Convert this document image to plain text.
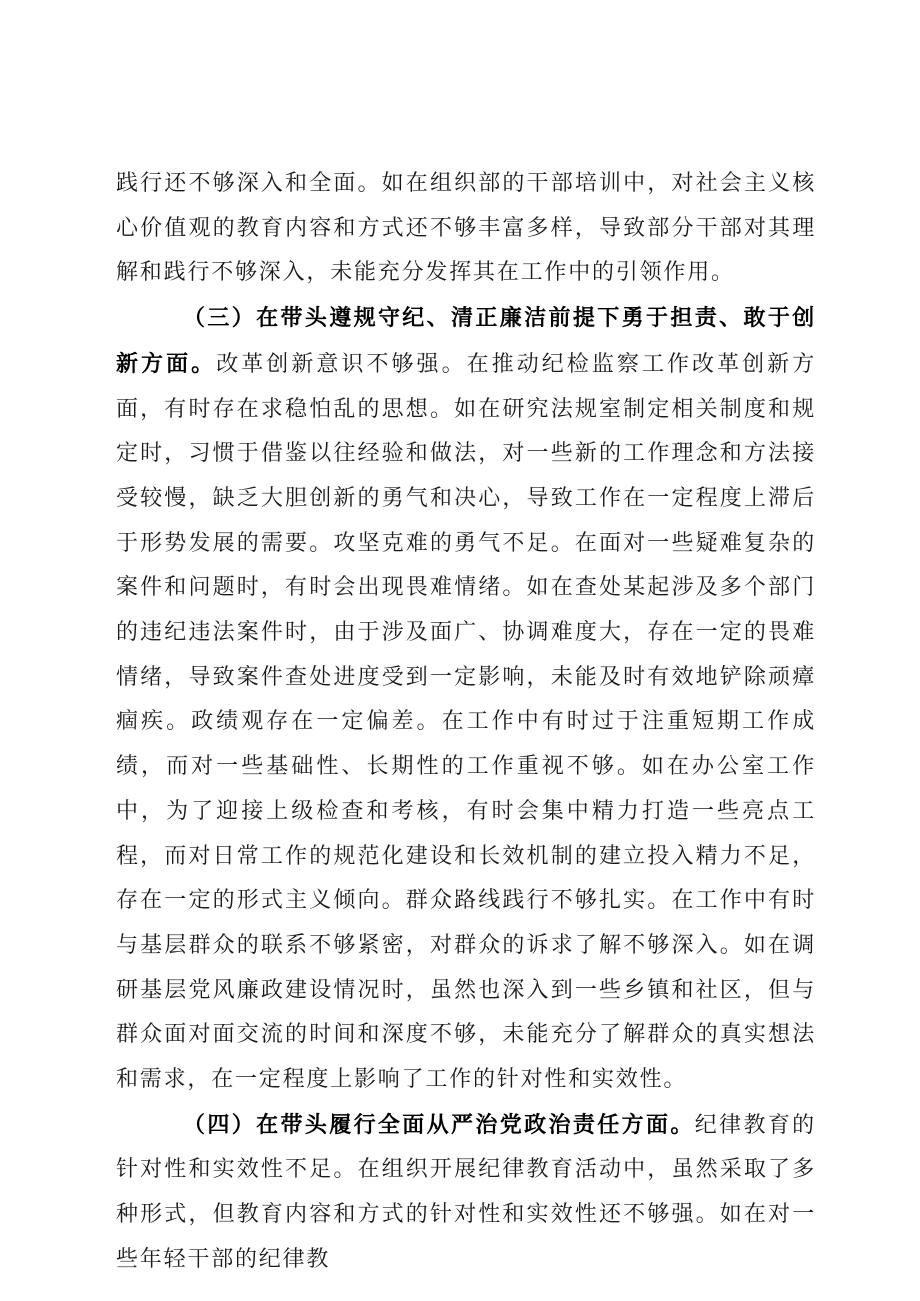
践行还不够深入和全面。如在组织部的干部培训中，对社会主义核心价值观的教育内容和方式还不够丰富多样，导致部分干部对其理解和践行不够深入，未能充分发挥其在工作中的引领作用。

（三）在带头遵规守纪、清正廉洁前提下勇于担责、敢于创新方面。改革创新意识不够强。在推动纪检监察工作改革创新方面，有时存在求稳怕乱的思想。如在研究法规室制定相关制度和规定时，习惯于借鉴以往经验和做法，对一些新的工作理念和方法接受较慢，缺乏大胆创新的勇气和决心，导致工作在一定程度上滞后于形势发展的需要。攻坚克难的勇气不足。在面对一些疑难复杂的案件和问题时，有时会出现畏难情绪。如在查处某起涉及多个部门的违纪违法案件时，由于涉及面广、协调难度大，存在一定的畏难情绪，导致案件查处进度受到一定影响，未能及时有效地铲除顽瘴痼疾。政绩观存在一定偏差。在工作中有时过于注重短期工作成绩，而对一些基础性、长期性的工作重视不够。如在办公室工作中，为了迎接上级检查和考核，有时会集中精力打造一些亮点工程，而对日常工作的规范化建设和长效机制的建立投入精力不足，存在一定的形式主义倾向。群众路线践行不够扎实。在工作中有时与基层群众的联系不够紧密，对群众的诉求了解不够深入。如在调研基层党风廉政建设情况时，虽然也深入到一些乡镇和社区，但与群众面对面交流的时间和深度不够，未能充分了解群众的真实想法和需求，在一定程度上影响了工作的针对性和实效性。

（四）在带头履行全面从严治党政治责任方面。纪律教育的针对性和实效性不足。在组织开展纪律教育活动中，虽然采取了多种形式，但教育内容和方式的针对性和实效性还不够强。如在对一些年轻干部的纪律教
